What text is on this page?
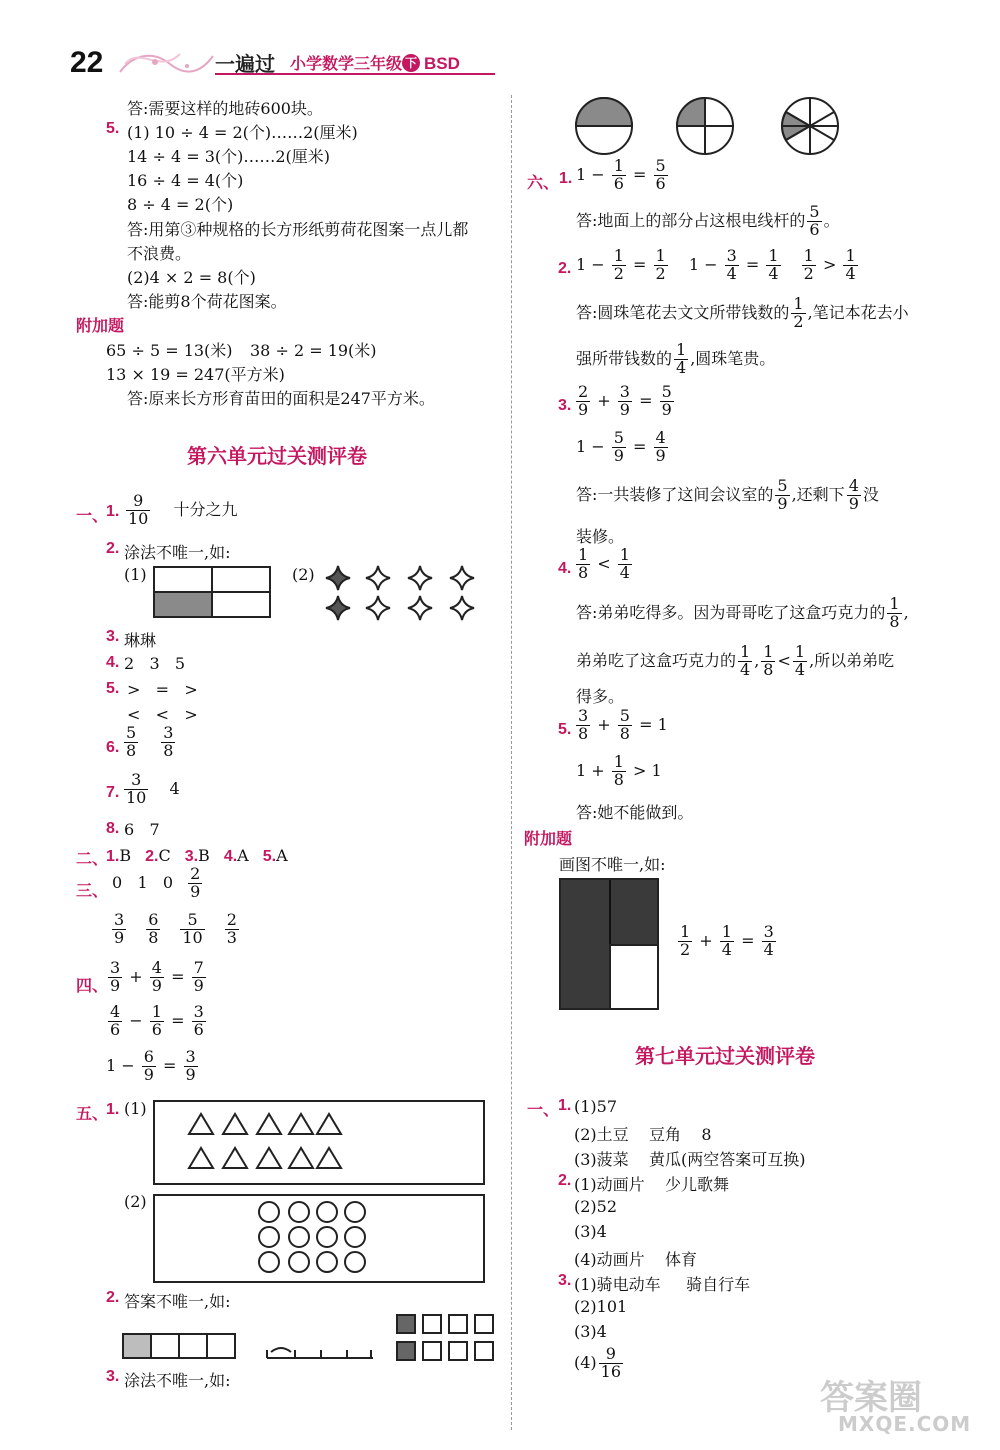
22	一遍过 小学数学三年级 下 BSD
答:需要这样的地砖600块。
5. (1) 10 ÷ 4 = 2(个)……2(厘米)
14 ÷ 4 = 3(个)……2(厘米)
16 ÷ 4 = 4(个)
8 ÷ 4 = 2(个)
答:用第③种规格的长方形纸剪荷花图案一点儿都
不浪费。
(2)4 × 2 = 8(个)
答:能剪8个荷花图案。
附加题
65 ÷ 5 = 13(米) 38 ÷ 2 = 19(米)
13 × 19 = 247(平方米)
答:原来长方形育苗田的面积是247平方米。
第六单元过关测评卷
一、
1. $\frac{9}{10}$ 十分之九
2. 涂法不唯一,如:
(1)	(2)
3. 琳琳
4. 2   3   5
5. >   =   >
<   <   >
6. $\frac{5}{8}$
$\frac{3}{8}$
7. $\frac{3}{10} 4$
8. 6   7
二、
1.B 2.C 3.B 4.A 5.A
三、 0   1   $0 \frac{2}{9}$
$\frac{3}{9} \frac{6}{8} \frac{5}{10} \frac{2}{3}$
四、 $\frac{3}{9} + \frac{4}{9} = \frac{7}{9}$
$\frac{4}{6} - \frac{1}{6} = \frac{3}{6}$
$1 - \frac{6}{9} = \frac{3}{9}$
五、
1. (1)
(2)
2. 答案不唯一,如:
3. 涂法不唯一,如:
六、 1. $1 - \frac{1}{6} = \frac{5}{6}$
答:地面上的部分占这根电线杆的 $\frac{5}{6}$ 。
2. $1 - \frac{1}{2} = \frac{1}{2} 1 - \frac{3}{4} = \frac{1}{4}$
$\frac{1}{2} > \frac{1}{4}$
答:圆珠笔花去文文所带钱数的 $\frac{1}{2}$ ,笔记本花去小
强所带钱数的 $\frac{1}{4}$ ,圆珠笔贵。
3. $\frac{2}{9} + \frac{3}{9} = \frac{5}{9}$
$1 - \frac{5}{9} = \frac{4}{9}$
答:一共装修了这间会议室的 $\frac{5}{9}$ ,还剩下 $\frac{4}{9}$ 没
装修。
4. $\frac{1}{8} < \frac{1}{4}$
答:弟弟吃得多。因为哥哥吃了这盒巧克力的 $\frac{1}{8}$ ,
弟弟吃了这盒巧克力的 $\frac{1}{4}$ , $\frac{1}{8} < \frac{1}{4}$ ,所以弟弟吃
得多。
5. $\frac{3}{8} + \frac{5}{8} = 1$
$1 + \frac{1}{8} > 1$
答:她不能做到。
附加题
画图不唯一,如:
$\frac{1}{2} + \frac{1}{4} = \frac{3}{4}$
第七单元过关测评卷
一、
1. (1)57
(2)土豆    豆角    8
(3)菠菜    黄瓜(两空答案可互换)
2. (1)动画片    少儿歌舞
(2)52
(3)4
(4)动画片    体育
3. (1)骑电动车     骑自行车
(2)101
(3)4
$(4) \frac{9}{16}$
答案圈
MXQE.COM
